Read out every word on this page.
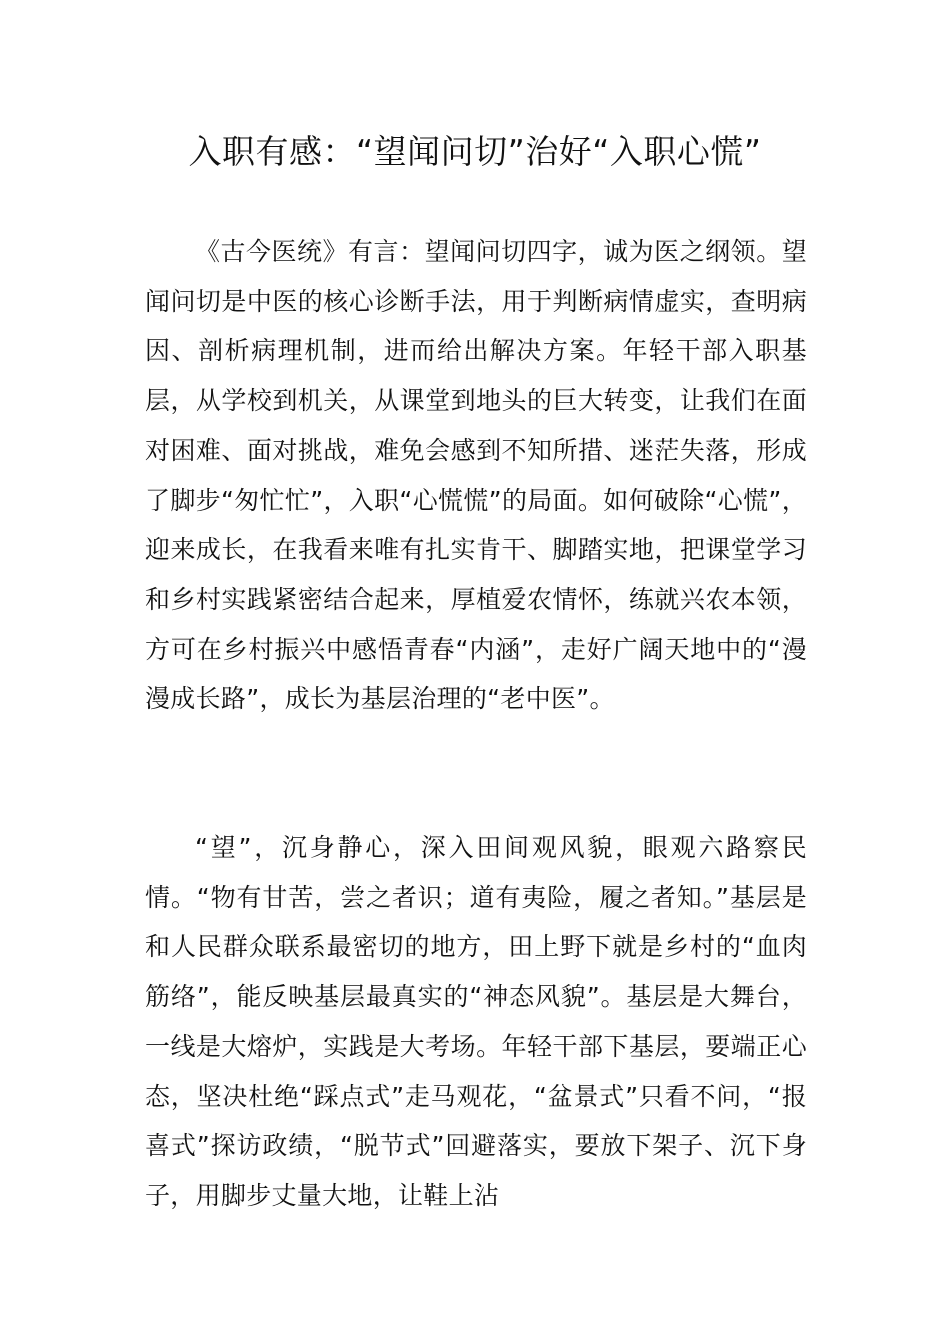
入职有感：“望闻问切”治好“入职心慌”

《古今医统》有言：望闻问切四字，诚为医之纲领。望闻问切是中医的核心诊断手法，用于判断病情虚实，查明病因、剖析病理机制，进而给出解决方案。年轻干部入职基层，从学校到机关，从课堂到地头的巨大转变，让我们在面对困难、面对挑战，难免会感到不知所措、迷茫失落，形成了脚步“匆忙忙”，入职“心慌慌”的局面。如何破除“心慌”，迎来成长，在我看来唯有扎实肯干、脚踏实地，把课堂学习和乡村实践紧密结合起来，厚植爱农情怀，练就兴农本领，方可在乡村振兴中感悟青春“内涵”，走好广阔天地中的“漫漫成长路”，成长为基层治理的“老中医”。

“望”，沉身静心，深入田间观风貌，眼观六路察民情。“物有甘苦，尝之者识；道有夷险，履之者知。”基层是和人民群众联系最密切的地方，田上野下就是乡村的“血肉筋络”，能反映基层最真实的“神态风貌”。基层是大舞台，一线是大熔炉，实践是大考场。年轻干部下基层，要端正心态，坚决杜绝“踩点式”走马观花，“盆景式”只看不问，“报喜式”探访政绩，“脱节式”回避落实，要放下架子、沉下身子，用脚步丈量大地，让鞋上沾
